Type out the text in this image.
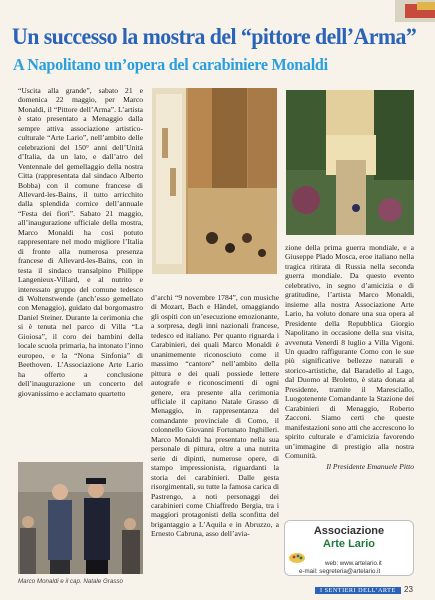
Un successo la mostra del “pittore dell’Arma”
A Napolitano un’opera del carabiniere Monaldi

“Uscita alla grande”, sabato 21 e domenica 22 maggio, per Marco Monaldi, il “Pittore dell’Arma”. L’artista è stato presentato a Menaggio dalla sempre attiva associazione artistico-culturale “Arte Lario”, nell’ambito delle celebrazioni del 150° anni dell’Unità d’Italia, da un lato, e dall’atro del Ventennale del gemellaggio della nostra Citta (rappresentata dal sindaco Alberto Bobba) con il comune francese di Allevard-les-Bains, il tutto arricchito dalla splendida cornice dell’annuale “Festa dei fiori”. Sabato 21 maggio, all’inaugurazione ufficiale della mostra, Marco Monaldi ha così potuto rappresentare nel modo migliore l’Italia di fronte alla numerosa presenza francese di Allevard-les-Bains, con in testa il sindaco transalpino Philippe Langenieux-Villard, e al nutrito e interessato gruppo del comune tedesco di Woltenstwende (anch’esso gemellato con Menaggio), guidato dal borgomastro Daniel Steiner. Durante la cerimonia che si è tenuta nel parco di Villa “La Gioiosa”, il coro dei bambini della locale scuola primaria, ha intonato l’inno europeo, e la “Nona Sinfonia” di Beethoven. L’Associazione Arte Lario ha offerto a conclusione dell’inaugurazione un concerto del giovanissimo e acclamato quartetto

d’archi “9 novembre 1784”, con musiche di Mozart, Bach e Händel, omaggiando gli ospiti con un’esecuzione emozionante, a sorpresa, degli inni nazionali francese, tedesco ed italiano. Per quanto riguarda i Carabinieri, dei quali Marco Monaldi è unanimemente riconosciuto come il massimo “cantore” nell’ambito della pittura e dei quali possiede lettere autografe e riconoscimenti di ogni genere, era presente alla cerimonia ufficiale il capitano Natale Grasso di Menaggio, in rappresentanza del comandante provinciale di Como, il colonnello Giovanni Fortunato Inghilleri. Marco Monaldi ha presentato nella sua personale di pittura, oltre a una nutrita serie di dipinti, numerose opere, di stampo impressionista, riguardanti la storia dei carabinieri. Dalle gesta risorgimentali, su tutte la famosa carica di Pastrengo, a noti personaggi dei carabinieri come Chiaffredo Bergia, tra i maggiori protagonisti della sconfitta del brigantaggio a L’Aquila e in Abruzzo, a Ernesto Cabruna, asso dell’avia-

zione della prima guerra mondiale, e a Giuseppe Plado Mosca, eroe italiano nella tragica ritirata di Russia nella seconda guerra mondiale. Da questo evento celebrativo, in segno d’amicizia e di gratitudine, l’artista Marco Monaldi, insieme alla nostra Associazione Arte Lario, ha voluto donare una sua opera al Presidente della Repubblica Giorgio Napolitano in occasione della sua visita, avvenuta Venerdì 8 luglio a Villa Vigoni. Un quadro raffigurante Como con le sue più significative bellezze naturali e storico-artistiche, dal Baradello al Lago, dal Duomo al Broletto, è stata donata al Presidente, tramite il Maresciallo, Luogotenente Comandante la Stazione dei Carabinieri di Menaggio, Roberto Zacconi. Siamo certi che queste manifestazioni sono atti che accrescono lo spirito culturale e d’amicizia favorendo un’immagine di prestigio alla nostra Comunità.

Il Presidente Emanuele Pitto

Marco Monaldi e il cap. Natale Grasso
Associazione
Arte Lario
web: www.artelario.it
e-mail: segreteria@artelario.it
I SENTIERI DELL’ARTE	23
